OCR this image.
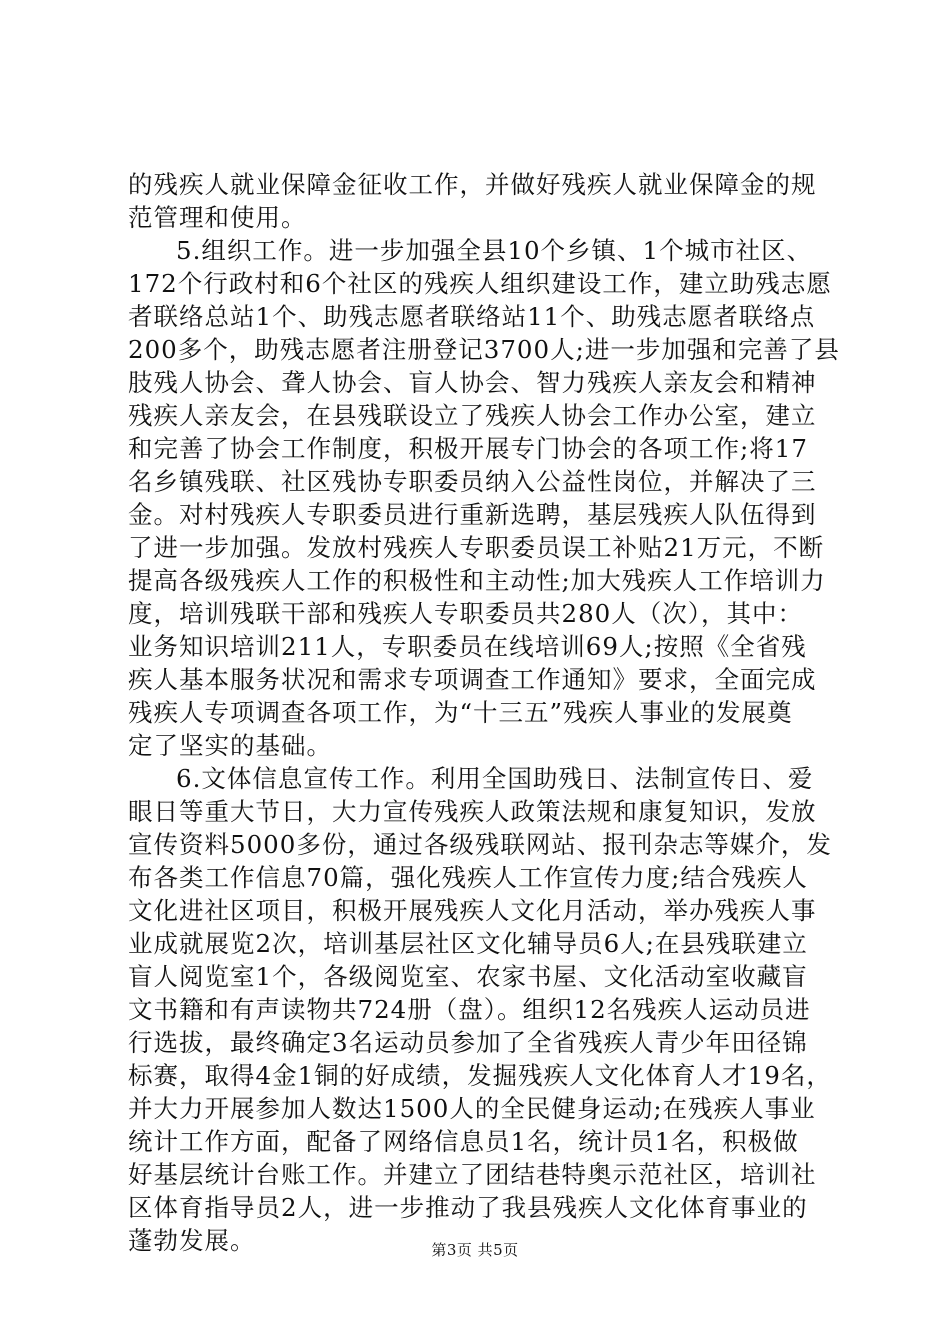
的残疾人就业保障金征收工作，并做好残疾人就业保障金的规
范管理和使用。
5.组织工作。进一步加强全县10个乡镇、1个城市社区、
172个行政村和6个社区的残疾人组织建设工作，建立助残志愿
者联络总站1个、助残志愿者联络站11个、助残志愿者联络点
200多个，助残志愿者注册登记3700人;进一步加强和完善了县
肢残人协会、聋人协会、盲人协会、智力残疾人亲友会和精神
残疾人亲友会，在县残联设立了残疾人协会工作办公室，建立
和完善了协会工作制度，积极开展专门协会的各项工作;将17
名乡镇残联、社区残协专职委员纳入公益性岗位，并解决了三
金。对村残疾人专职委员进行重新选聘，基层残疾人队伍得到
了进一步加强。发放村残疾人专职委员误工补贴21万元，不断
提高各级残疾人工作的积极性和主动性;加大残疾人工作培训力
度，培训残联干部和残疾人专职委员共280人（次），其中：
业务知识培训211人，专职委员在线培训69人;按照《全省残
疾人基本服务状况和需求专项调查工作通知》要求，全面完成
残疾人专项调查各项工作，为“十三五”残疾人事业的发展奠
定了坚实的基础。
6.文体信息宣传工作。利用全国助残日、法制宣传日、爱
眼日等重大节日，大力宣传残疾人政策法规和康复知识，发放
宣传资料5000多份，通过各级残联网站、报刊杂志等媒介，发
布各类工作信息70篇，强化残疾人工作宣传力度;结合残疾人
文化进社区项目，积极开展残疾人文化月活动，举办残疾人事
业成就展览2次，培训基层社区文化辅导员6人;在县残联建立
盲人阅览室1个，各级阅览室、农家书屋、文化活动室收藏盲
文书籍和有声读物共724册（盘）。组织12名残疾人运动员进
行选拔，最终确定3名运动员参加了全省残疾人青少年田径锦
标赛，取得4金1铜的好成绩，发掘残疾人文化体育人才19名，
并大力开展参加人数达1500人的全民健身运动;在残疾人事业
统计工作方面，配备了网络信息员1名，统计员1名，积极做
好基层统计台账工作。并建立了团结巷特奥示范社区，培训社
区体育指导员2人，进一步推动了我县残疾人文化体育事业的
蓬勃发展。	第3页 共5页
